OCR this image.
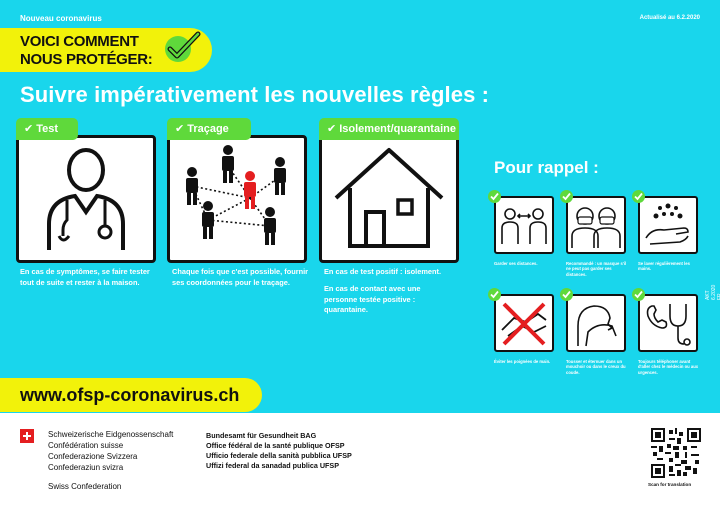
Nouveau coronavirus	Actualisé au 6.2.2020
VOICI COMMENT
NOUS PROTÉGER:
Suivre impérativement les nouvelles règles :
✔ Test
En cas de symptômes, se faire tester tout de suite et rester à la maison.
✔ Traçage
Chaque fois que c'est possible, fournir ses coordonnées pour le traçage.
✔ Isolement/quarantaine
En cas de test positif : isolement.
En cas de contact avec une personne testée positive : quarantaine.
Pour rappel :
Garder ses distances.	Recommandé : un masque s'il ne peut pas garder ses distances.
Se laver régulièrement les mains.
Éviter les poignées de main.	Tousser et éternuer dans un mouchoir ou dans le creux du coude.
Toujours téléphoner avant d'aller chez le médecin ou aux urgences.
AKT 6.2020 FR
www.ofsp-coronavirus.ch
Schweizerische Eidgenossenschaft
Confédération suisse
Confederazione Svizzera
Confederaziun svizra
Swiss Confederation
Bundesamt für Gesundheit BAG
Office fédéral de la santé publique OFSP
Ufficio federale della sanità pubblica UFSP
Uffizi federal da sanadad publica UFSP
Scan for translation
